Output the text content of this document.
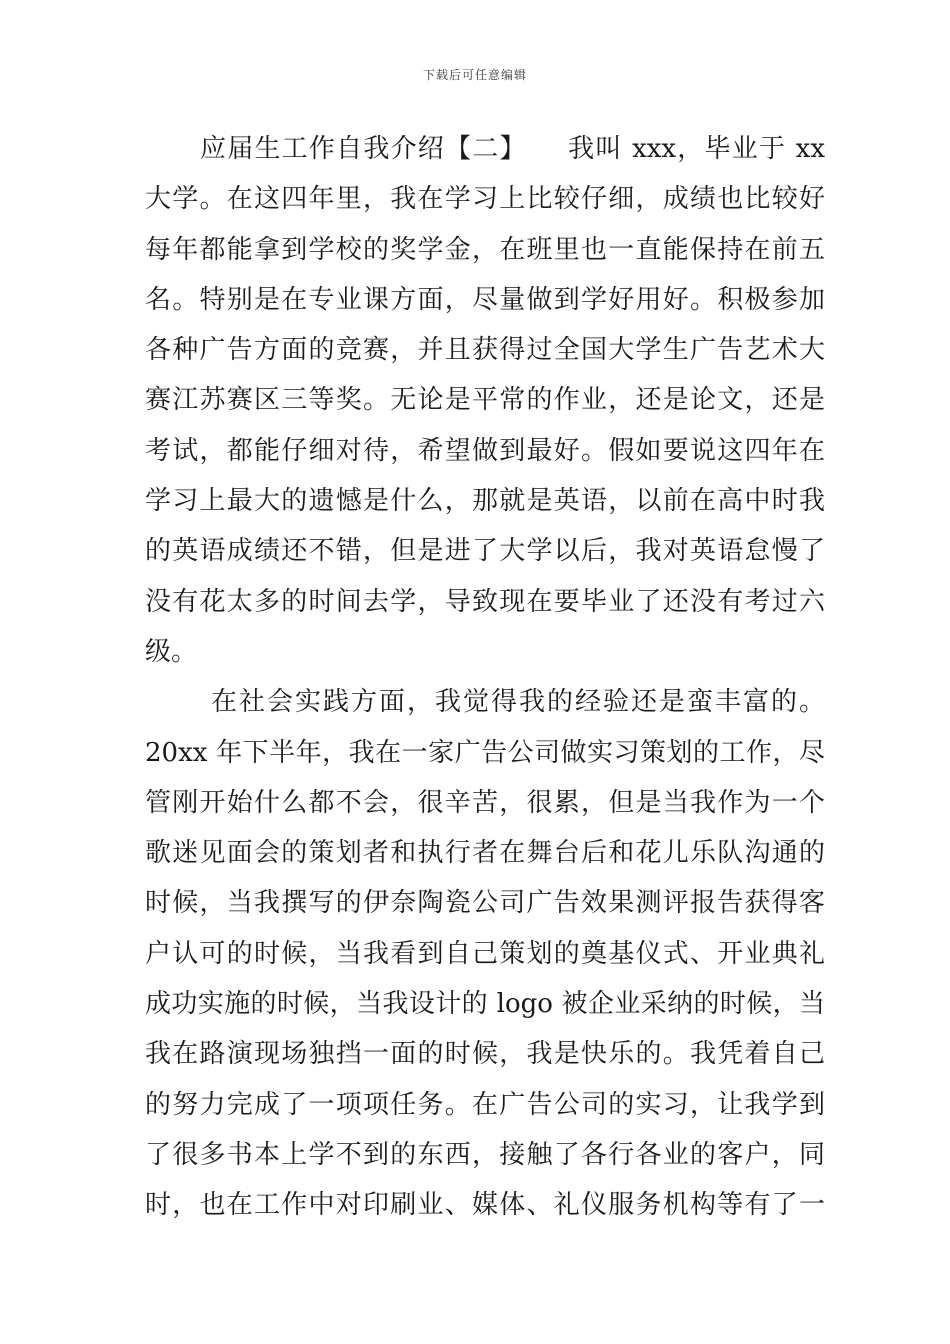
下载后可任意编辑
应届生工作自我介绍【二】　　我叫 xxx，毕业于 xx
大学。在这四年里，我在学习上比较仔细，成绩也比较好
每年都能拿到学校的奖学金，在班里也一直能保持在前五
名。特别是在专业课方面，尽量做到学好用好。积极参加
各种广告方面的竞赛，并且获得过全国大学生广告艺术大
赛江苏赛区三等奖。无论是平常的作业，还是论文，还是
考试，都能仔细对待，希望做到最好。假如要说这四年在
学习上最大的遗憾是什么，那就是英语，以前在高中时我
的英语成绩还不错，但是进了大学以后，我对英语怠慢了
没有花太多的时间去学，导致现在要毕业了还没有考过六
级。
在社会实践方面，我觉得我的经验还是蛮丰富的。
20xx 年下半年，我在一家广告公司做实习策划的工作，尽
管刚开始什么都不会，很辛苦，很累，但是当我作为一个
歌迷见面会的策划者和执行者在舞台后和花儿乐队沟通的
时候，当我撰写的伊奈陶瓷公司广告效果测评报告获得客
户认可的时候，当我看到自己策划的奠基仪式、开业典礼
成功实施的时候，当我设计的 logo 被企业采纳的时候，当
我在路演现场独挡一面的时候，我是快乐的。我凭着自己
的努力完成了一项项任务。在广告公司的实习，让我学到
了很多书本上学不到的东西，接触了各行各业的客户，同
时，也在工作中对印刷业、媒体、礼仪服务机构等有了一
